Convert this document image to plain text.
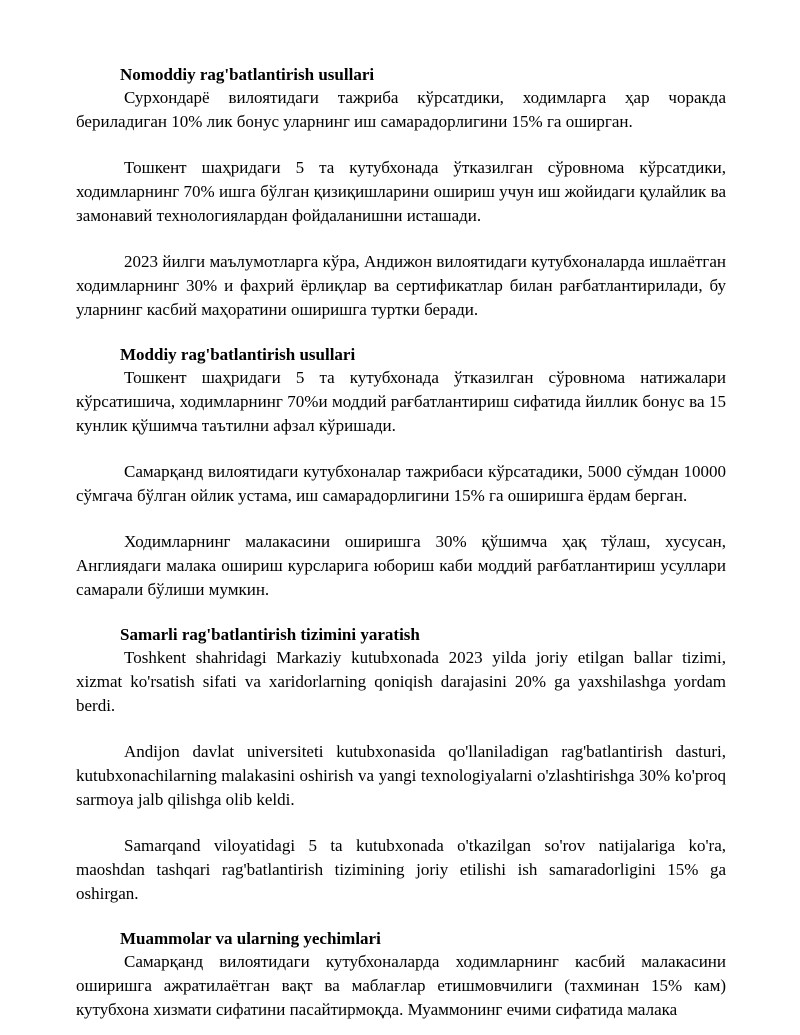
Nomoddiy rag'batlantirish usullari

Сурхондарё вилоятидаги тажриба кўрсатдики, ходимларга ҳар чоракда бериладиган 10% лик бонус уларнинг иш самарадорлигини 15% га оширган.

Тошкент шаҳридаги 5 та кутубхонада ўтказилган сўровнома кўрсатдики, ходимларнинг 70% ишга бўлган қизиқишларини ошириш учун иш жойидаги қулайлик ва замонавий технологиялардан фойдаланишни исташади.

2023 йилги маълумотларга кўра, Андижон вилоятидаги кутубхоналарда ишлаётган ходимларнинг 30% и фахрий ёрлиқлар ва сертификатлар билан рағбатлантирилади, бу уларнинг касбий маҳоратини оширишга туртки беради.

Moddiy rag'batlantirish usullari

Тошкент шаҳридаги 5 та кутубхонада ўтказилган сўровнома натижалари кўрсатишича, ходимларнинг 70%и моддий рағбатлантириш сифатида йиллик бонус ва 15 кунлик қўшимча таътилни афзал кўришади.

Самарқанд вилоятидаги кутубхоналар тажрибаси кўрсатадики, 5000 сўмдан 10000 сўмгача бўлган ойлик устама, иш самарадорлигини 15% га оширишга ёрдам берган.

Ходимларнинг малакасини оширишга 30% қўшимча ҳақ тўлаш, хусусан, Англиядаги малака ошириш курсларига юбориш каби моддий рағбатлантириш усуллари самарали бўлиши мумкин.

Samarli rag'batlantirish tizimini yaratish

Toshkent shahridagi Markaziy kutubxonada 2023 yilda joriy etilgan ballar tizimi, xizmat ko'rsatish sifati va xaridorlarning qoniqish darajasini 20% ga yaxshilashga yordam berdi.

Andijon davlat universiteti kutubxonasida qo'llaniladigan rag'batlantirish dasturi, kutubxonachilarning malakasini oshirish va yangi texnologiyalarni o'zlashtirishga 30% ko'proq sarmoya jalb qilishga olib keldi.

Samarqand viloyatidagi 5 ta kutubxonada o'tkazilgan so'rov natijalariga ko'ra, maoshdan tashqari rag'batlantirish tizimining joriy etilishi ish samaradorligini 15% ga oshirgan.

Muammolar va ularning yechimlari

Самарқанд вилоятидаги кутубхоналарда ходимларнинг касбий малакасини оширишга ажратилаётган вақт ва маблағлар етишмовчилиги (тахминан 15% кам) кутубхона хизмати сифатини пасайтирмоқда. Муаммонинг ечими сифатида малака
